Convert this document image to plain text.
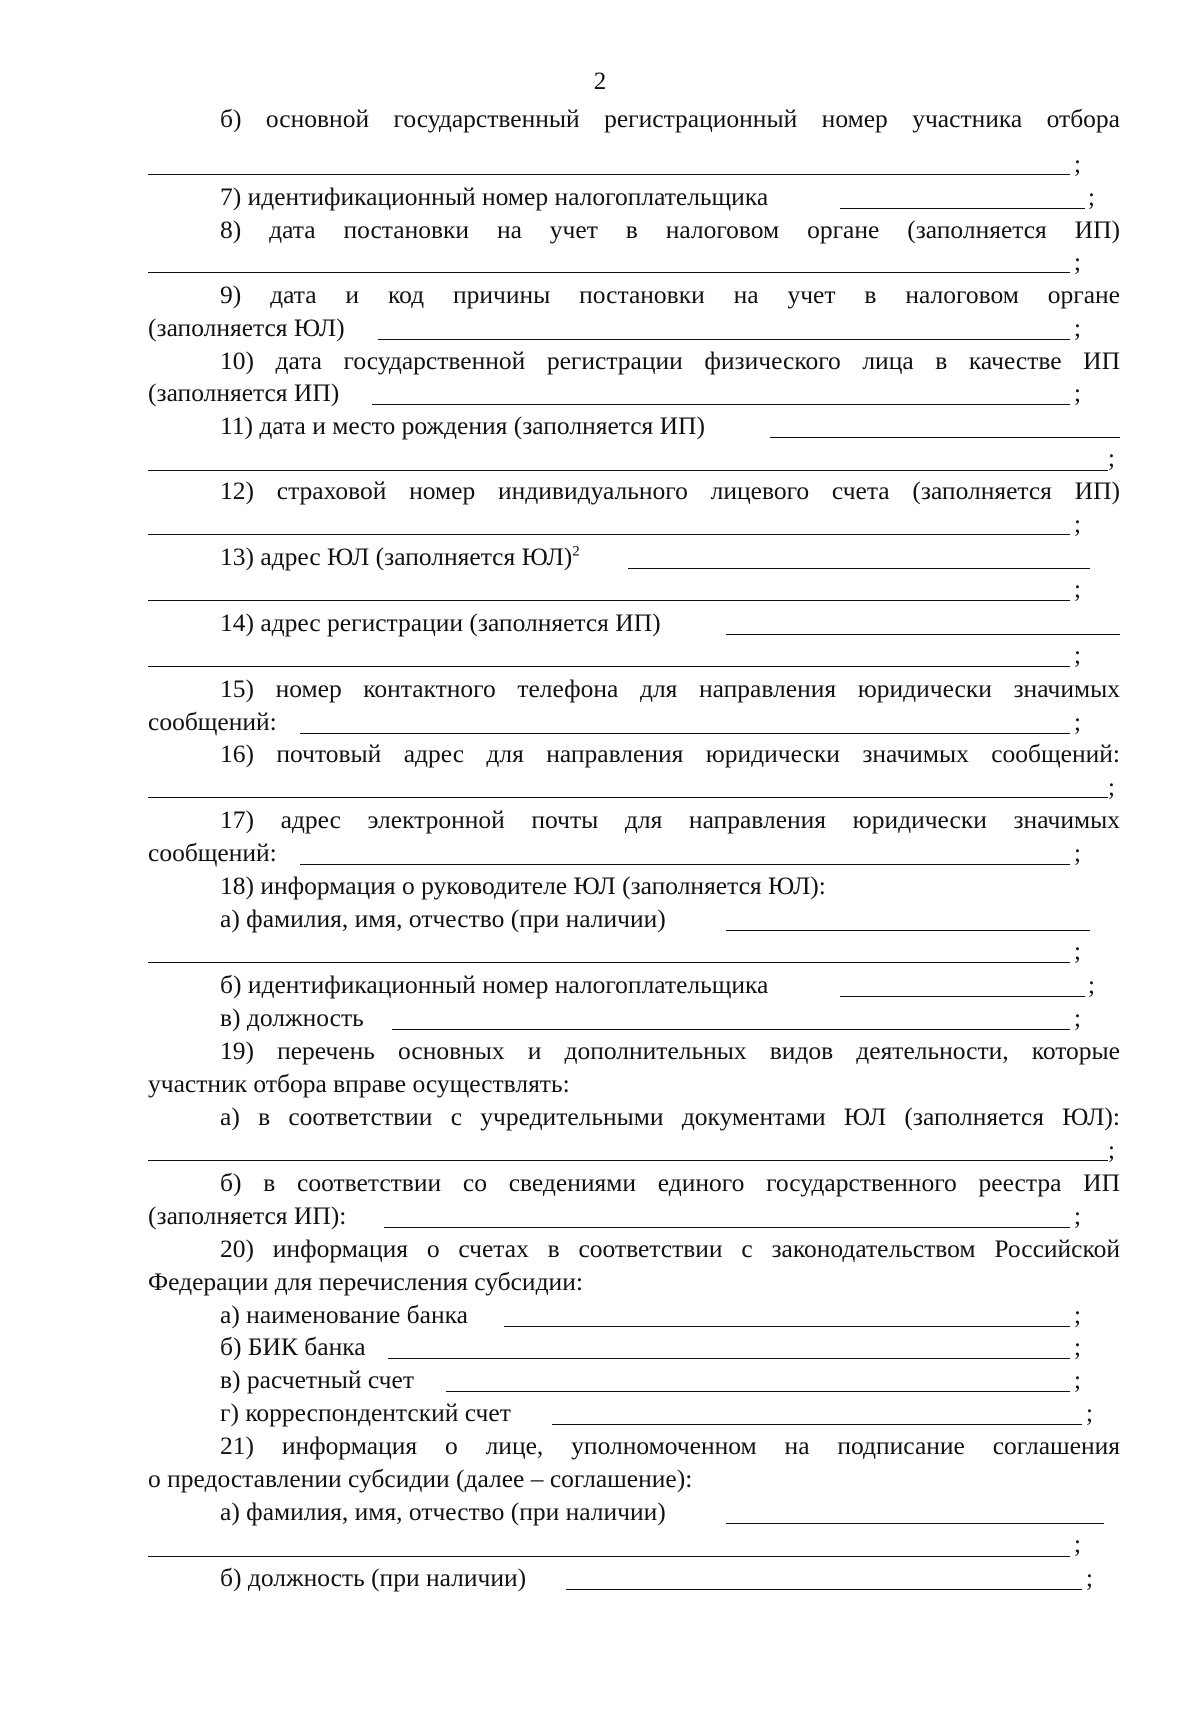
2
б) основной государственный регистрационный номер участника отбора
;
7) идентификационный номер налогоплательщика	;
8) дата постановки на учет в налоговом органе (заполняется ИП)
;
9) дата и код причины постановки на учет в налоговом органе
(заполняется ЮЛ)	;
10) дата государственной регистрации физического лица в качестве ИП
(заполняется ИП)	;
11) дата и место рождения (заполняется ИП)
;
12) страховой номер индивидуального лицевого счета (заполняется ИП)
;
13) адрес ЮЛ (заполняется ЮЛ)$^2$
;
14) адрес регистрации (заполняется ИП)
;
15) номер контактного телефона для направления юридически значимых
сообщений:	;
16) почтовый адрес для направления юридически значимых сообщений:
;
17) адрес электронной почты для направления юридически значимых
сообщений:	;
18) информация о руководителе ЮЛ (заполняется ЮЛ):
а) фамилия, имя, отчество (при наличии)
;
б) идентификационный номер налогоплательщика	;
в) должность	;
19) перечень основных и дополнительных видов деятельности, которые
участник отбора вправе осуществлять:
а) в соответствии с учредительными документами ЮЛ (заполняется ЮЛ):
;
б) в соответствии со сведениями единого государственного реестра ИП
(заполняется ИП):	;
20) информация о счетах в соответствии с законодательством Российской
Федерации для перечисления субсидии:
а) наименование банка	;
б) БИК банка	;
в) расчетный счет	;
г) корреспондентский счет	;
21) информация о лице, уполномоченном на подписание соглашения
о предоставлении субсидии (далее – соглашение):
а) фамилия, имя, отчество (при наличии)
;
б) должность (при наличии)	;
